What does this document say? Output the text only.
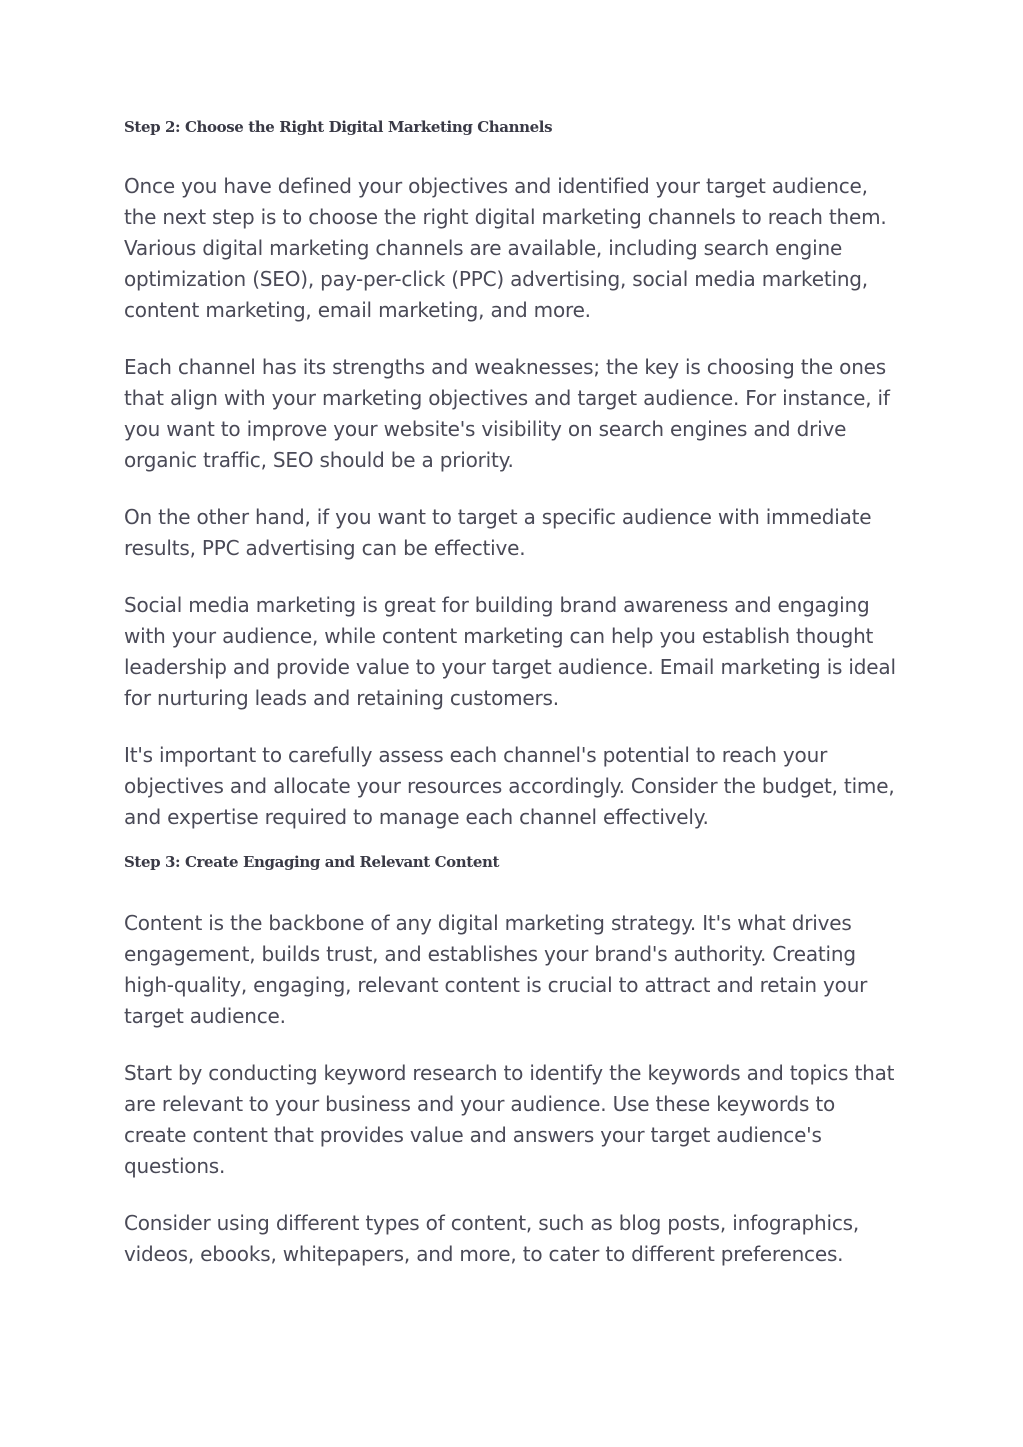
Step 2: Choose the Right Digital Marketing Channels

Once you have defined your objectives and identified your target audience, the next step is to choose the right digital marketing channels to reach them. Various digital marketing channels are available, including search engine optimization (SEO), pay-per-click (PPC) advertising, social media marketing, content marketing, email marketing, and more.

Each channel has its strengths and weaknesses; the key is choosing the ones that align with your marketing objectives and target audience. For instance, if you want to improve your website's visibility on search engines and drive organic traffic, SEO should be a priority.

On the other hand, if you want to target a specific audience with immediate results, PPC advertising can be effective.

Social media marketing is great for building brand awareness and engaging with your audience, while content marketing can help you establish thought leadership and provide value to your target audience. Email marketing is ideal for nurturing leads and retaining customers.

It's important to carefully assess each channel's potential to reach your objectives and allocate your resources accordingly. Consider the budget, time, and expertise required to manage each channel effectively.

Step 3: Create Engaging and Relevant Content

Content is the backbone of any digital marketing strategy. It's what drives engagement, builds trust, and establishes your brand's authority. Creating high-quality, engaging, relevant content is crucial to attract and retain your target audience.

Start by conducting keyword research to identify the keywords and topics that are relevant to your business and your audience. Use these keywords to create content that provides value and answers your target audience's questions.

Consider using different types of content, such as blog posts, infographics, videos, ebooks, whitepapers, and more, to cater to different preferences.
